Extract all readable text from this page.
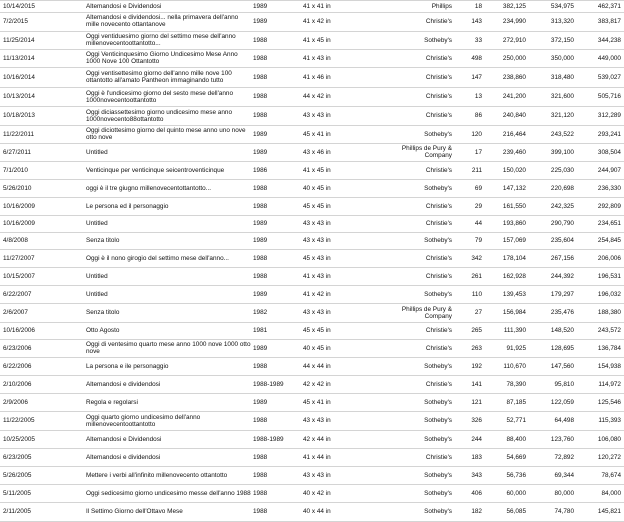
10/14/2015	Altemandosi e Dividendosi	1989	41 x 41 in	Phillips	18	382,125	534,975	462,371
7/2/2015	Altemandosi e dividendosi... nella primavera dell'anno mille novecento ottantanove	1989	41 x 42 in	Christie's	143	234,990	313,320	383,817
11/25/2014	Oggi ventiduesimo giorno del settimo mese dell'anno millenovecentoottantotto...	1988	41 x 45 in	Sotheby's	33	272,910	372,150	344,238
11/13/2014	Oggi Venticinquesimo Giorno Undicesimo Mese Anno 1000 Nove 100 Ottantotto	1988	41 x 43 in	Christie's	498	250,000	350,000	449,000
10/16/2014	Oggi ventisettesimo giorno dell'anno mille nove 100 ottantotto all'amato Pantheon immaginando tutto	1988	41 x 46 in	Christie's	147	238,860	318,480	539,027
10/13/2014	Oggi è l'undicesimo giorno del sesto mese dell'anno 1000novecentoottantotto	1988	44 x 42 in	Christie's	13	241,200	321,600	505,716
10/18/2013	Oggi diciassettesimo giorno undicesimo mese anno 1000novecento88ottantotto	1988	43 x 43 in	Christie's	86	240,840	321,120	312,289
11/22/2011	Oggi diciottesimo giorno del quinto mese anno uno nove otto nove	1989	45 x 41 in	Sotheby's	120	216,464	243,522	293,241
6/27/2011	Untitled	1989	43 x 46 in	Phillips de Pury & Company	17	239,460	399,100	308,504
7/1/2010	Venticinque per venticinque seicentroventicinque	1986	41 x 45 in	Christie's	211	150,020	225,030	244,907
5/26/2010	oggi è il tre giugno millenovecentottantotto...	1988	40 x 45 in	Sotheby's	69	147,132	220,698	236,330
10/16/2009	Le persona ed il personaggio	1988	45 x 45 in	Christie's	29	161,550	242,325	292,809
10/16/2009	Untitled	1989	43 x 43 in	Christie's	44	193,860	290,790	234,651
4/8/2008	Senza titolo	1989	43 x 43 in	Sotheby's	79	157,069	235,604	254,845
11/27/2007	Oggi è il nono girogio del settimo mese dell'anno...	1988	45 x 43 in	Christie's	342	178,104	267,156	206,006
10/15/2007	Untitled	1988	41 x 43 in	Christie's	261	162,928	244,392	196,531
6/22/2007	Untitled	1989	41 x 42 in	Sotheby's	110	139,453	179,297	196,032
2/6/2007	Senza titolo	1982	43 x 43 in	Phillips de Pury & Company	27	156,984	235,476	188,380
10/16/2006	Otto Agosto	1981	45 x 45 in	Christie's	265	111,390	148,520	243,572
6/23/2006	Oggi di ventesimo quarto mese anno 1000 nove 1000 otto nove	1989	40 x 45 in	Christie's	263	91,925	128,695	136,784
6/22/2006	La persona e ile personaggio	1988	44 x 44 in	Sotheby's	192	110,670	147,560	154,938
2/10/2006	Altemandosi e dividendosi	1988-1989	42 x 42 in	Christie's	141	78,390	95,810	114,972
2/9/2006	Regola e regolarsi	1989	45 x 41 in	Sotheby's	121	87,185	122,059	125,546
11/22/2005	Oggi quarto giorno undicesimo dell'anno millenovecentoottantotto	1988	43 x 43 in	Sotheby's	326	52,771	64,498	115,393
10/25/2005	Altemandosi e Dividendosi	1988-1989	42 x 44 in	Sotheby's	244	88,400	123,760	106,080
6/23/2005	Altemandosi e dividendosi	1988	41 x 44 in	Christie's	183	54,669	72,892	120,272
5/26/2005	Mettere i verbi all'infinito millenovecento ottantotto	1988	43 x 43 in	Sotheby's	343	56,736	69,344	78,674
5/11/2005	Oggi sedicesimo giorno undicesimo messe dell'anno 1988 1988	40 x 42 in	Sotheby's	406	60,000	80,000	84,000
2/11/2005	Il Settimo Giorno dell'Ottavo Mese	1988	40 x 44 in	Sotheby's	182	56,085	74,780	145,821
